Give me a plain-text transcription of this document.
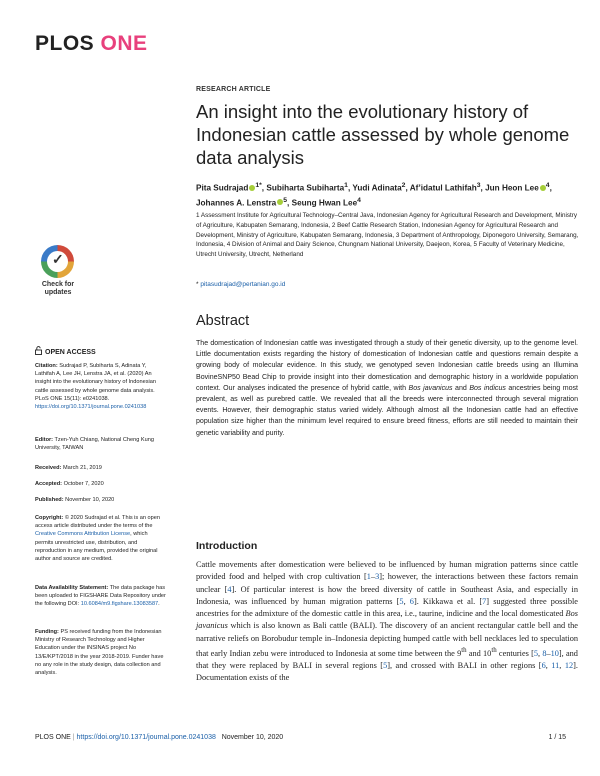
PLOS ONE
RESEARCH ARTICLE
An insight into the evolutionary history of Indonesian cattle assessed by whole genome data analysis
Pita Sudrajad $^{1*}$, Subiharta Subiharta$^1$, Yudi Adinata$^2$, Af’idatul Lathifah$^3$, Jun Heon Lee $^4$, Johannes A. Lenstra $^5$, Seung Hwan Lee$^4$
1 Assessment Institute for Agricultural Technology–Central Java, Indonesian Agency for Agricultural Research and Development, Ministry of Agriculture, Kabupaten Semarang, Indonesia, 2 Beef Cattle Research Station, Indonesian Agency for Agricultural Research and Development, Ministry of Agriculture, Kabupaten Semarang, Indonesia, 3 Department of Anthropology, Diponegoro University, Semarang, Indonesia, 4 Division of Animal and Dairy Science, Chungnam National University, Daejeon, Korea, 5 Faculty of Veterinary Medicine, Utrecht University, Utrecht, Netherland
* pitasudrajad@pertanian.go.id
✓
Check for
updates
OPEN ACCESS
Citation: Sudrajad P, Subiharta S, Adinata Y, Lathifah A, Lee JH, Lenstra JA, et al. (2020) An insight into the evolutionary history of Indonesian cattle assessed by whole genome data analysis. PLoS ONE 15(11): e0241038. https://doi.org/10.1371/journal.pone.0241038
Editor: Tzen-Yuh Chiang, National Cheng Kung University, TAIWAN
Received: March 21, 2019
Accepted: October 7, 2020
Published: November 10, 2020
Copyright: © 2020 Sudrajad et al. This is an open access article distributed under the terms of the Creative Commons Attribution License, which permits unrestricted use, distribution, and reproduction in any medium, provided the original author and source are credited.
Data Availability Statement: The data package has been uploaded to FIGSHARE Data Repository under the following DOI: 10.6084/m9.figshare.13083587.
Funding: PS received funding from the Indonesian Ministry of Research Technology and Higher Education under the INSINAS project No 13/E/KPT/2018 in the year 2018-2019. Funder have no any role in the study design, data collection and analysis.
Abstract
The domestication of Indonesian cattle was investigated through a study of their genetic diversity, up to the genome level. Little documentation exists regarding the history of domestication of Indonesian cattle and questions remain despite a growing body of molecular evidence. In this study, we genotyped seven Indonesian cattle breeds using an Illumina BovineSNP50 Bead Chip to provide insight into their domestication and demographic history in a worldwide population context. Our analyses indicated the presence of hybrid cattle, with Bos javanicus and Bos indicus ancestries being most prevalent, as well as purebred cattle. We revealed that all the breeds were interconnected through several migration events. However, their demographic status varied widely. Although almost all the Indonesian cattle had an effective population size higher than the minimum level required to ensure breed fitness, efforts are still needed to maintain their genetic variability and purity.
Introduction
Cattle movements after domestication were believed to be influenced by human migration patterns since cattle provided food and helped with crop cultivation [1–3]; however, the interactions between these factors remain unclear [4]. Of particular interest is how the breed diversity of cattle in Southeast Asia, and especially in Indonesia, was influenced by human migration patterns [5, 6]. Kikkawa et al. [7] suggested three possible ancestries for the admixture of the domestic cattle in this area, i.e., taurine, indicine and the local domesticated Bos javanicus which is also known as Bali cattle (BALI). The discovery of an ancient rectangular cattle bell and the narrative reliefs on Borobudur temple in–Indonesia depicting humped cattle with bell necklaces led to speculation that early Indian zebu were introduced to Indonesia at some time between the 9th and 10th centuries [5, 8–10], and that they were replaced by BALI in several regions [5], and crossed with BALI in other regions [6, 11, 12]. Documentation exists of the
PLOS ONE | https://doi.org/10.1371/journal.pone.0241038 November 10, 2020	1 / 15
